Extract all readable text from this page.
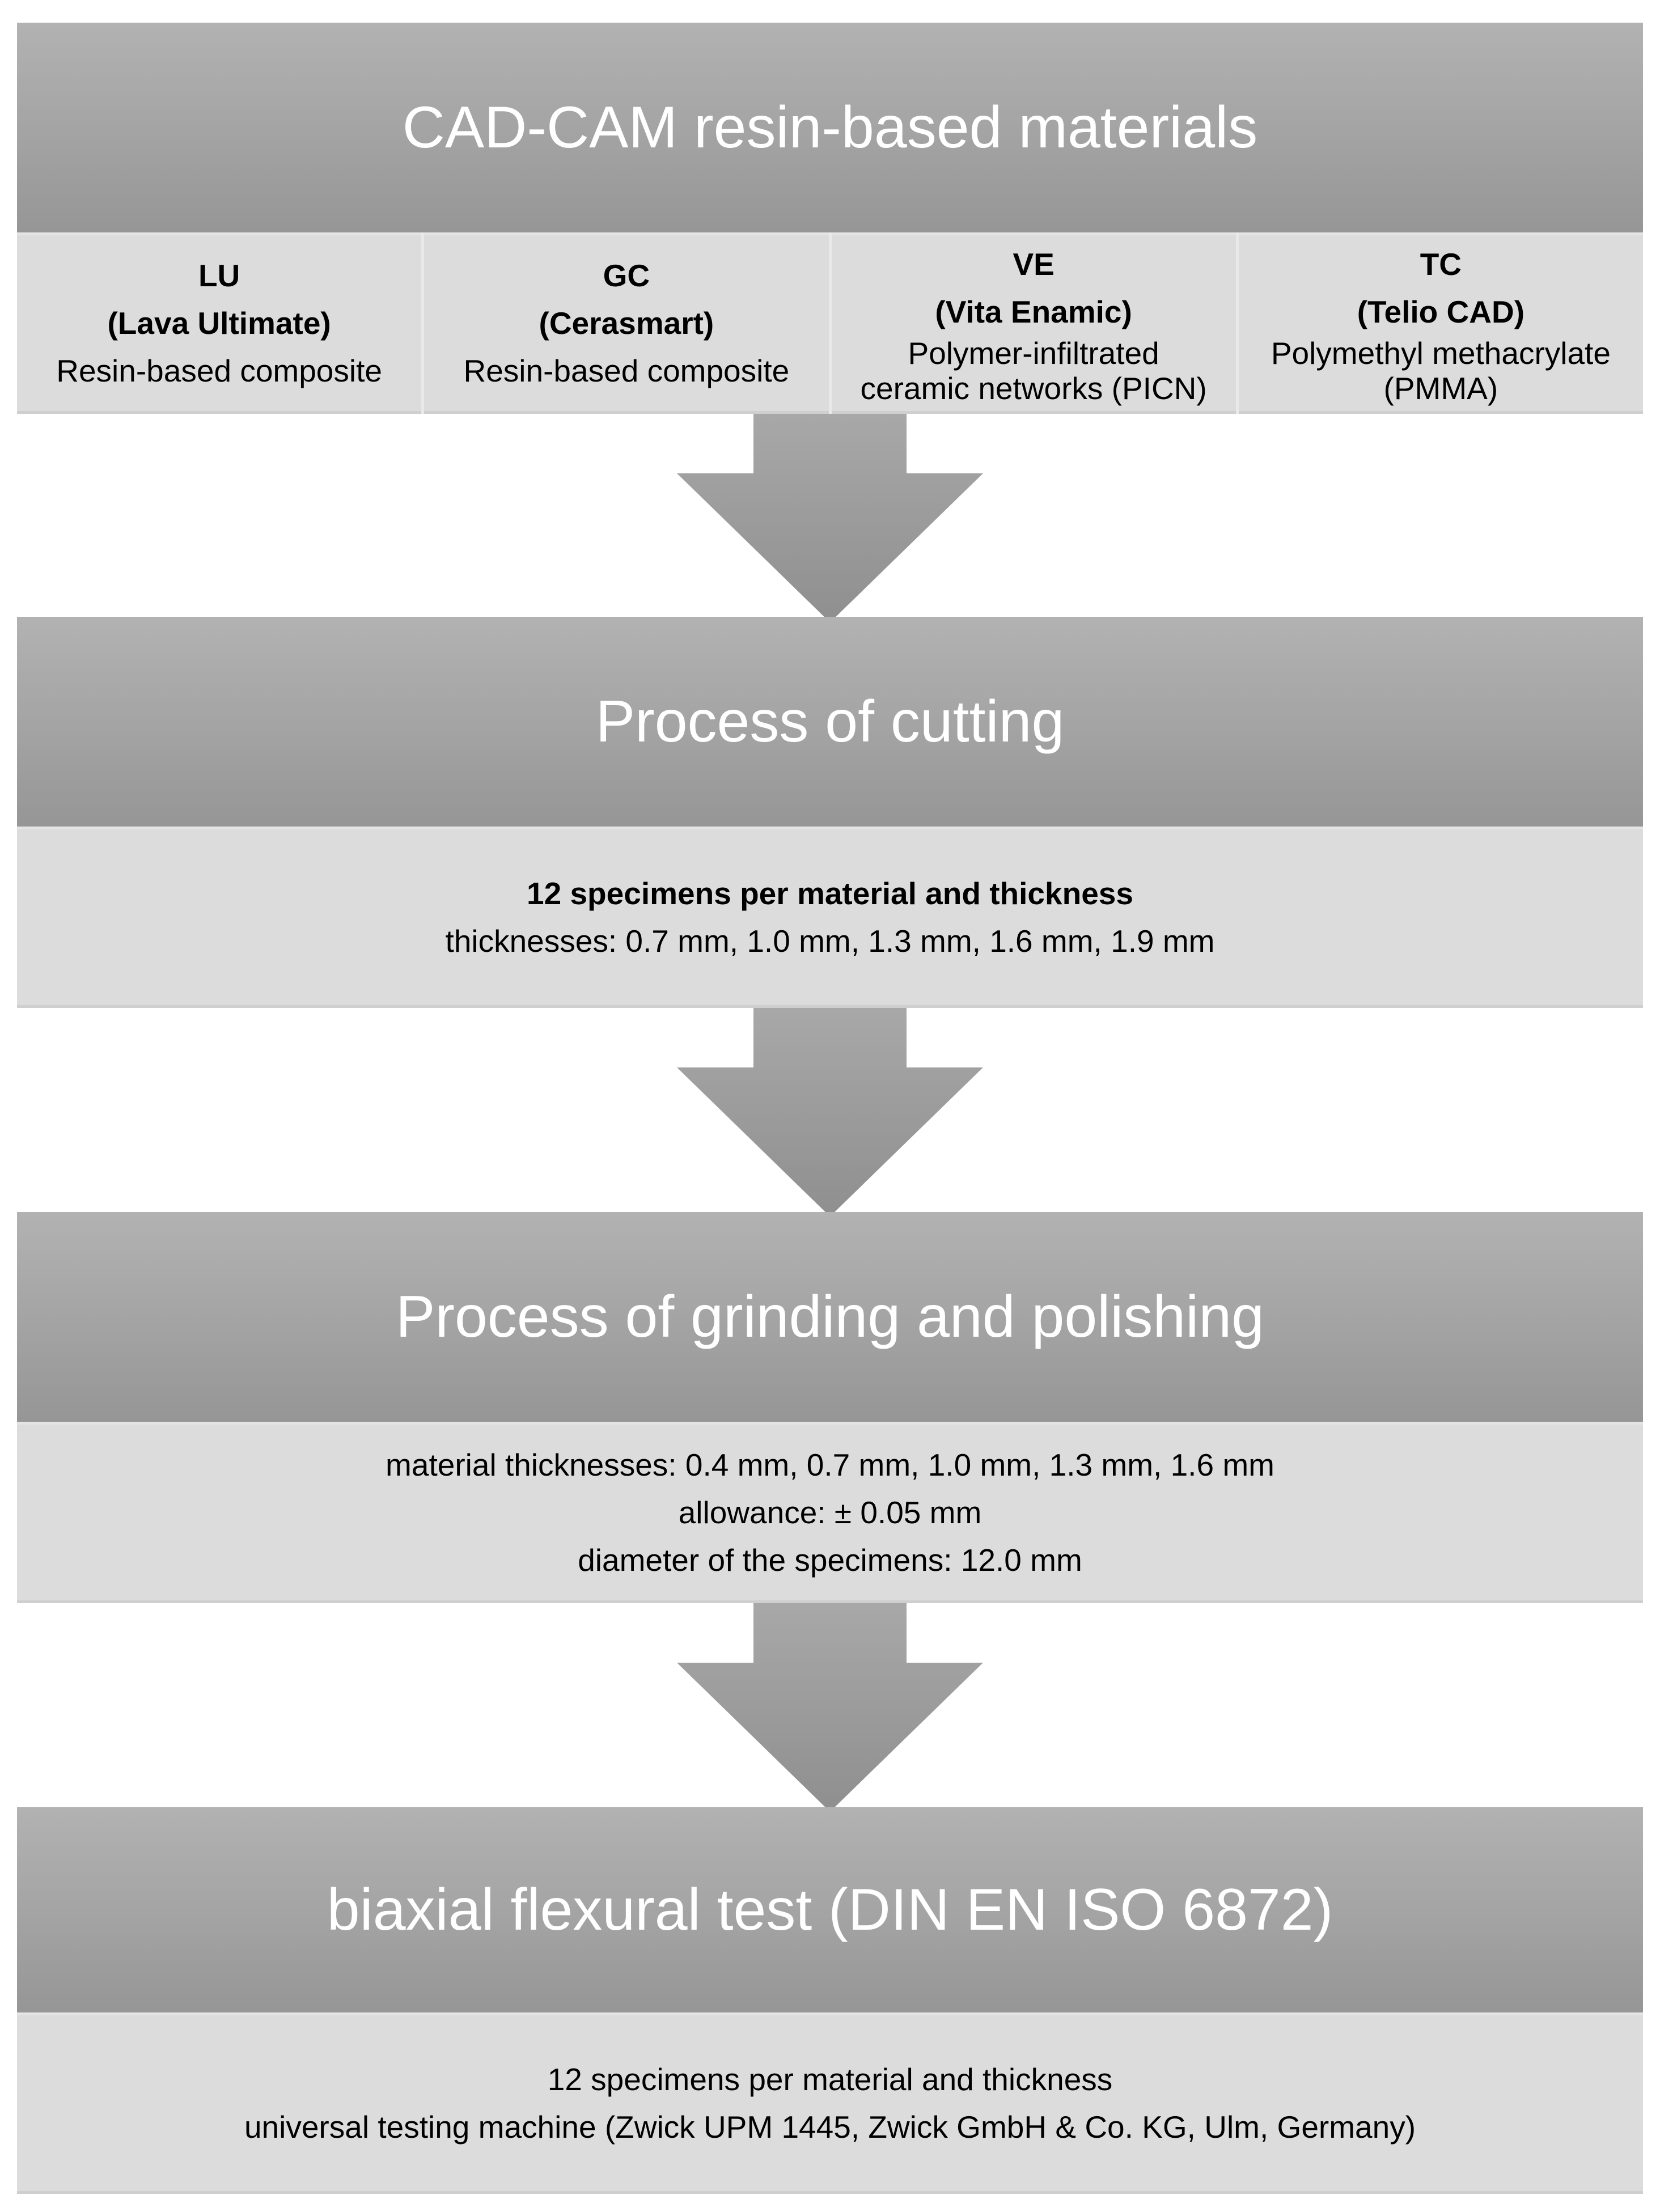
CAD-CAM resin-based materials
LU
(Lava Ultimate)
Resin-based composite
GC
(Cerasmart)
Resin-based composite
VE
(Vita Enamic)
Polymer-infiltrated
ceramic networks (PICN)
TC
(Telio CAD)
Polymethyl methacrylate
(PMMA)
Process of cutting
12 specimens per material and thickness
thicknesses: 0.7 mm, 1.0 mm, 1.3 mm, 1.6 mm, 1.9 mm
Process of grinding and polishing
material thicknesses: 0.4 mm, 0.7 mm, 1.0 mm, 1.3 mm, 1.6 mm
allowance: ± 0.05 mm
diameter of the specimens: 12.0 mm
biaxial flexural test (DIN EN ISO 6872)
12 specimens per material and thickness
universal testing machine (Zwick UPM 1445, Zwick GmbH & Co. KG, Ulm, Germany)
